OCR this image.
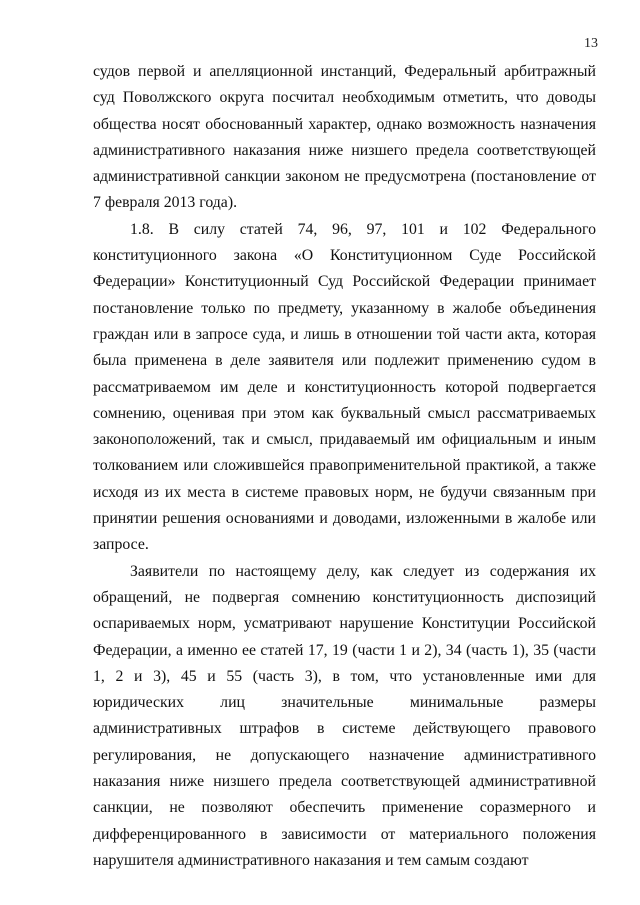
13

судов первой и апелляционной инстанций, Федеральный арбитражный суд Поволжского округа посчитал необходимым отметить, что доводы общества носят обоснованный характер, однако возможность назначения административного наказания ниже низшего предела соответствующей административной санкции законом не предусмотрена (постановление от 7 февраля 2013 года).

1.8. В силу статей 74, 96, 97, 101 и 102 Федерального конституционного закона «О Конституционном Суде Российской Федерации» Конституционный Суд Российской Федерации принимает постановление только по предмету, указанному в жалобе объединения граждан или в запросе суда, и лишь в отношении той части акта, которая была применена в деле заявителя или подлежит применению судом в рассматриваемом им деле и конституционность которой подвергается сомнению, оценивая при этом как буквальный смысл рассматриваемых законоположений, так и смысл, придаваемый им официальным и иным толкованием или сложившейся правоприменительной практикой, а также исходя из их места в системе правовых норм, не будучи связанным при принятии решения основаниями и доводами, изложенными в жалобе или запросе.

Заявители по настоящему делу, как следует из содержания их обращений, не подвергая сомнению конституционность диспозиций оспариваемых норм, усматривают нарушение Конституции Российской Федерации, а именно ее статей 17, 19 (части 1 и 2), 34 (часть 1), 35 (части 1, 2 и 3), 45 и 55 (часть 3), в том, что установленные ими для юридических лиц значительные минимальные размеры административных штрафов в системе действующего правового регулирования, не допускающего назначение административного наказания ниже низшего предела соответствующей административной санкции, не позволяют обеспечить применение соразмерного и дифференцированного в зависимости от материального положения нарушителя административного наказания и тем самым создают
